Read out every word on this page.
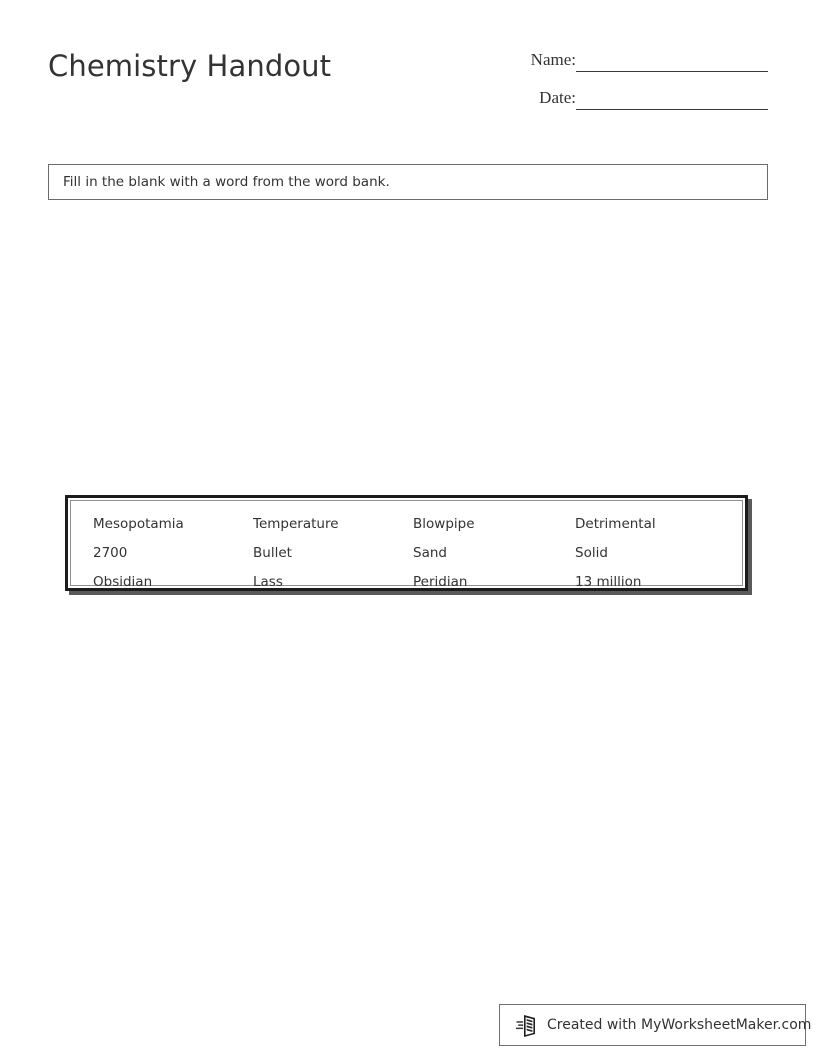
Chemistry Handout	Name:
Date:
Fill in the blank with a word from the word bank.
Mesopotamia	Temperature	Blowpipe	Detrimental
2700	Bullet	Sand	Solid
Obsidian	Lass	Peridian	13 million
Created with MyWorksheetMaker.com
